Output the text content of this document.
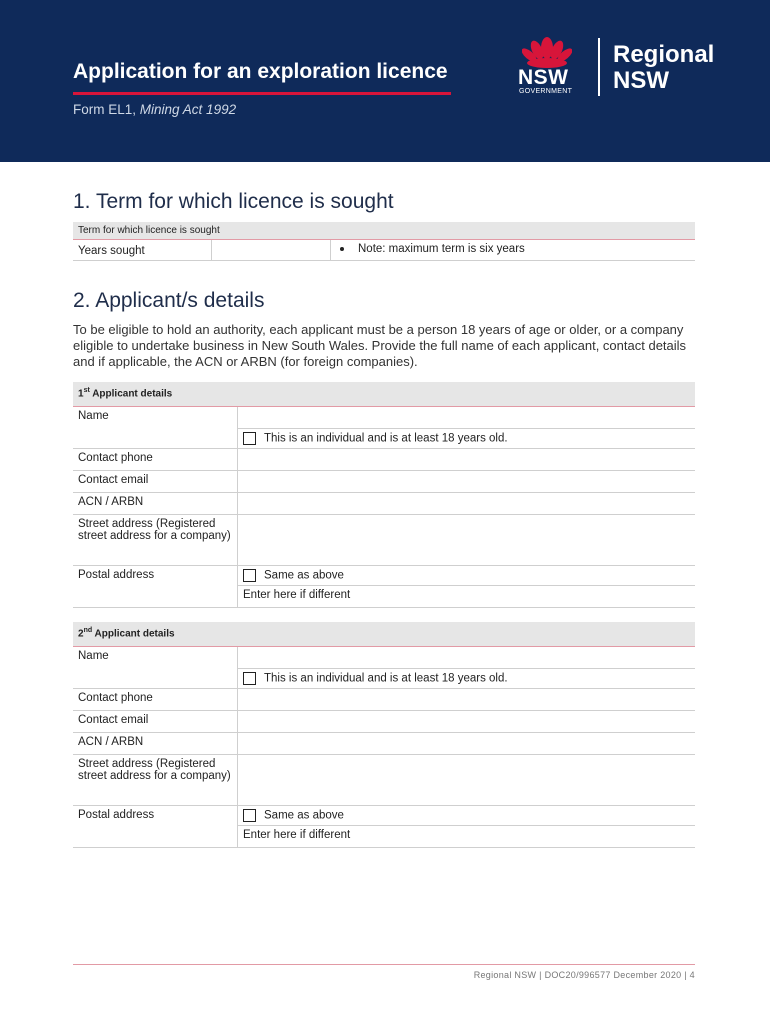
Application for an exploration licence
Form EL1, Mining Act 1992
NSW
GOVERNMENT
Regional
NSW
1. Term for which licence is sought
Term for which licence is sought
Years sought		Note: maximum term is six years
2. Applicant/s details
To be eligible to hold an authority, each applicant must be a person 18 years of age or older, or a company eligible to undertake business in New South Wales. Provide the full name of each applicant, contact details and if applicable, the ACN or ARBN (for foreign companies).
1st Applicant details	
Name	
	This is an individual and is at least 18 years old.
Contact phone	
Contact email	
ACN / ARBN	
Street address (Registered street address for a company)	
Postal address	Same as above
	Enter here if different
2nd Applicant details	
Name	
	This is an individual and is at least 18 years old.
Contact phone	
Contact email	
ACN / ARBN	
Street address (Registered street address for a company)	
Postal address	Same as above
	Enter here if different
Regional NSW | DOC20/996577 December 2020 | 4
